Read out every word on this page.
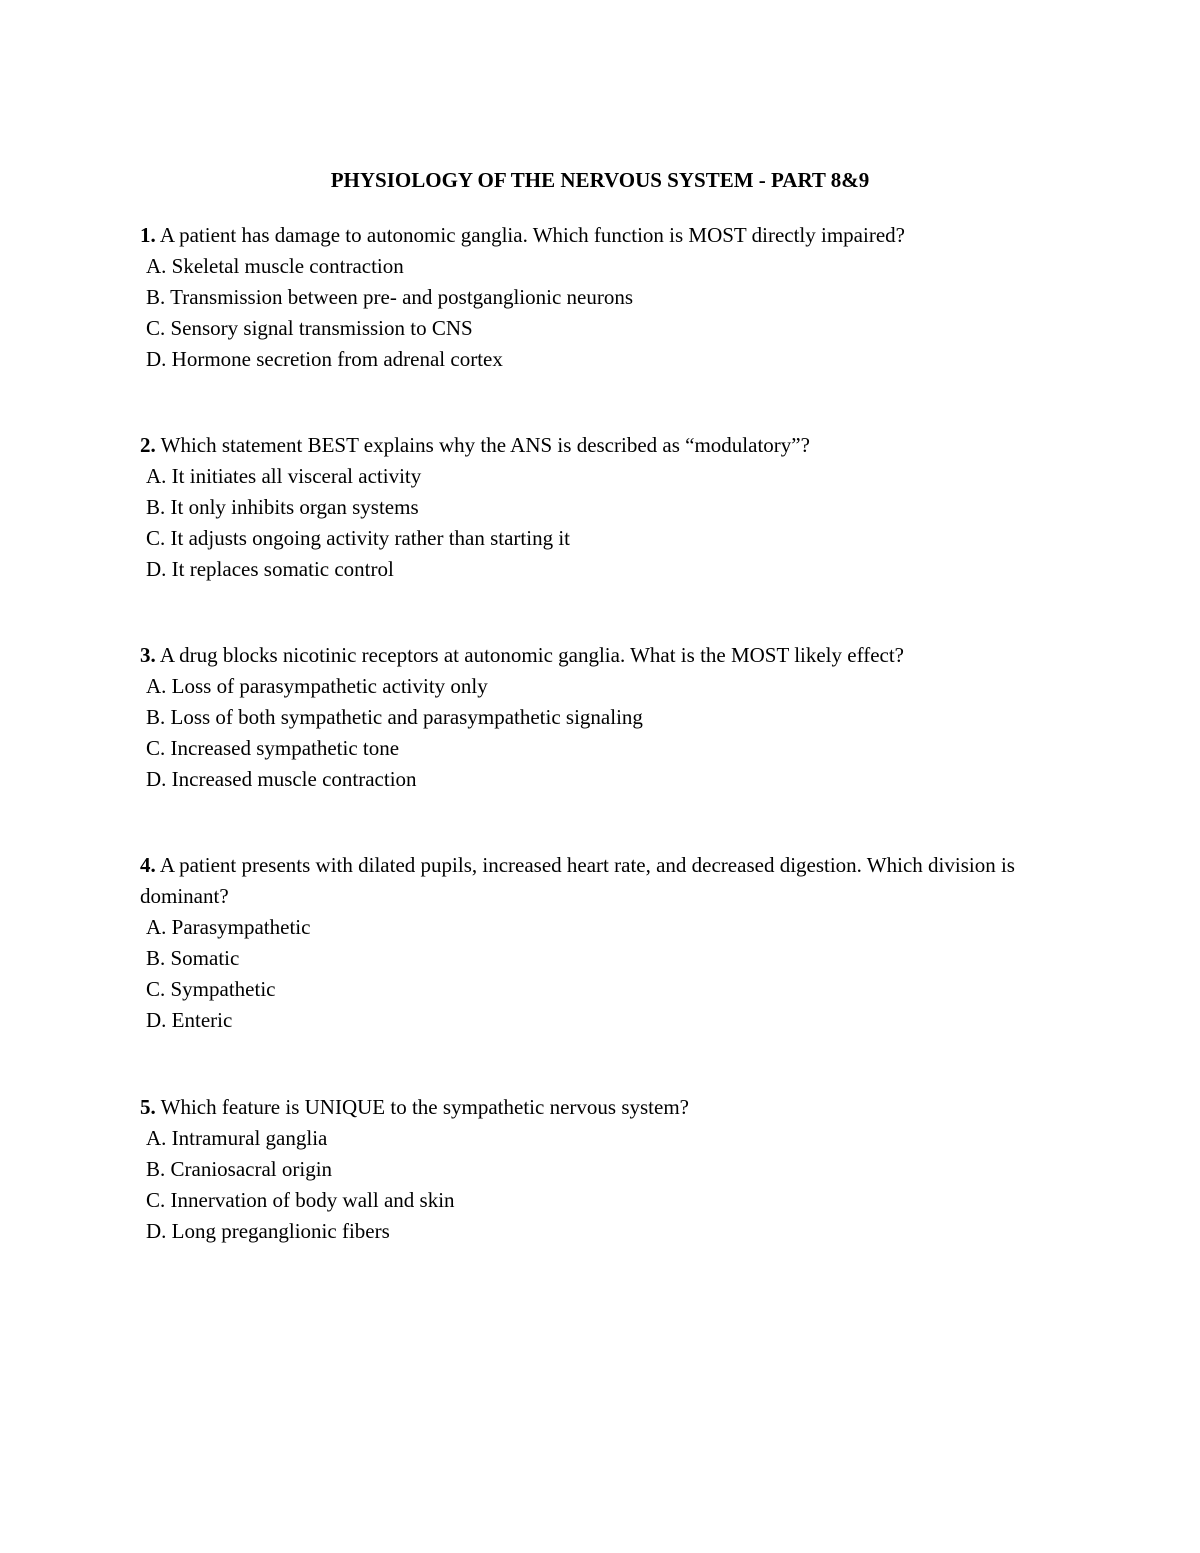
PHYSIOLOGY OF THE NERVOUS SYSTEM - PART 8&9

1. A patient has damage to autonomic ganglia. Which function is MOST directly impaired?

A. Skeletal muscle contraction
B. Transmission between pre- and postganglionic neurons
C. Sensory signal transmission to CNS
D. Hormone secretion from adrenal cortex

2. Which statement BEST explains why the ANS is described as “modulatory”?

A. It initiates all visceral activity
B. It only inhibits organ systems
C. It adjusts ongoing activity rather than starting it
D. It replaces somatic control

3. A drug blocks nicotinic receptors at autonomic ganglia. What is the MOST likely effect?

A. Loss of parasympathetic activity only
B. Loss of both sympathetic and parasympathetic signaling
C. Increased sympathetic tone
D. Increased muscle contraction

4. A patient presents with dilated pupils, increased heart rate, and decreased digestion. Which division is dominant?

A. Parasympathetic
B. Somatic
C. Sympathetic
D. Enteric

5. Which feature is UNIQUE to the sympathetic nervous system?

A. Intramural ganglia
B. Craniosacral origin
C. Innervation of body wall and skin
D. Long preganglionic fibers
